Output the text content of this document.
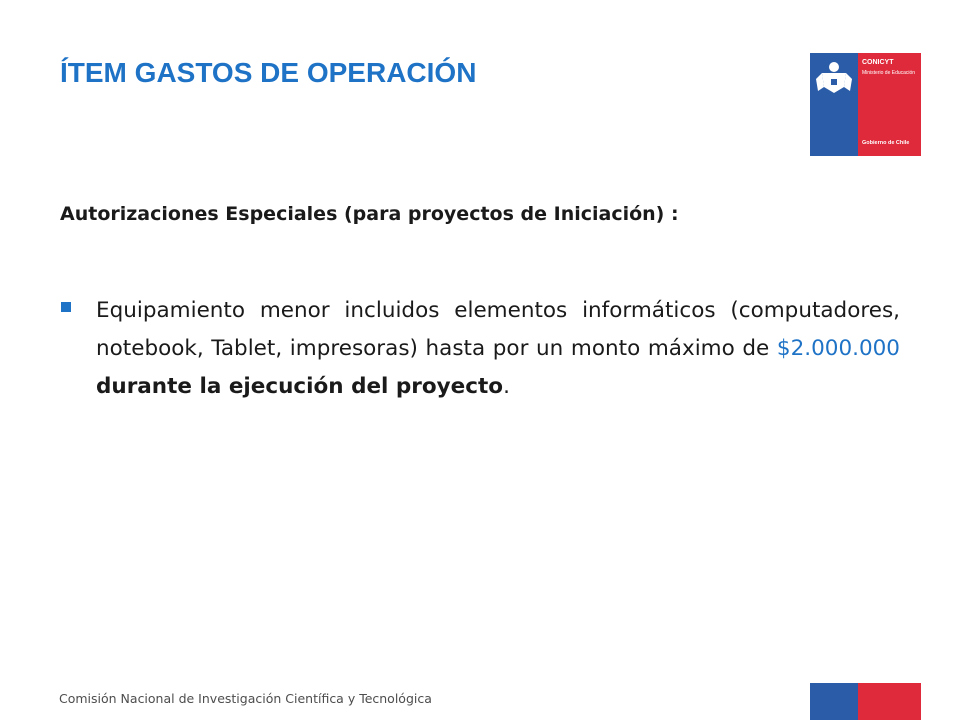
ÍTEM GASTOS DE OPERACIÓN	CONICYT
Ministerio de Educación
Gobierno de Chile
Autorizaciones Especiales (para proyectos de Iniciación) :

Equipamiento menor incluidos elementos informáticos (computadores, notebook, Tablet, impresoras) hasta por un monto máximo de $2.000.000 durante la ejecución del proyecto.

Comisión Nacional de Investigación Científica y Tecnológica
